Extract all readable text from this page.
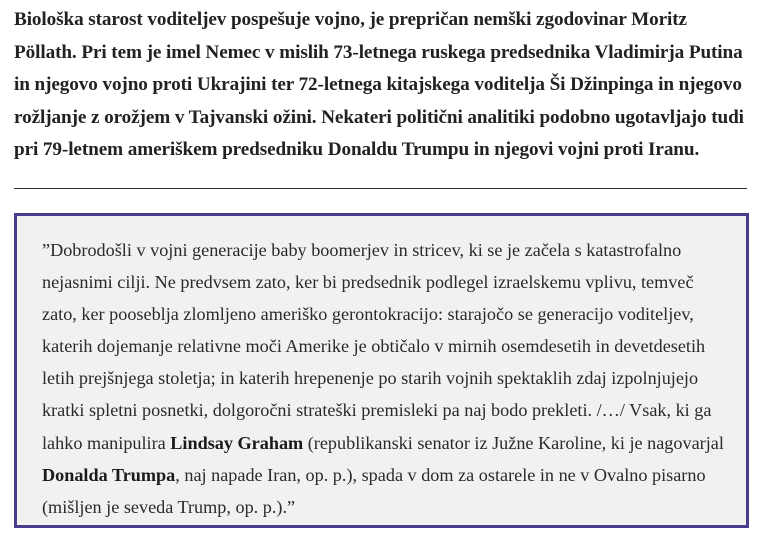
Biološka starost voditeljev pospešuje vojno, je prepričan nemški zgodovinar Moritz Pöllath. Pri tem je imel Nemec v mislih 73-letnega ruskega predsednika Vladimirja Putina in njegovo vojno proti Ukrajini ter 72-letnega kitajskega voditelja Ši Džinpinga in njegovo rožljanje z orožjem v Tajvanski ožini. Nekateri politični analitiki podobno ugotavljajo tudi pri 79-letnem ameriškem predsedniku Donaldu Trumpu in njegovi vojni proti Iranu.

”Dobrodošli v vojni generacije baby boomerjev in stricev, ki se je začela s katastrofalno nejasnimi cilji. Ne predvsem zato, ker bi predsednik podlegel izraelskemu vplivu, temveč zato, ker pooseblja zlomljeno ameriško gerontokracijo: starajočo se generacijo voditeljev, katerih dojemanje relativne moči Amerike je obtičalo v mirnih osemdesetih in devetdesetih letih prejšnjega stoletja; in katerih hrepenenje po starih vojnih spektaklih zdaj izpolnjujejo kratki spletni posnetki, dolgoročni strateški premisleki pa naj bodo prekleti. /…/ Vsak, ki ga lahko manipulira Lindsay Graham (republikanski senator iz Južne Karoline, ki je nagovarjal Donalda Trumpa, naj napade Iran, op. p.), spada v dom za ostarele in ne v Ovalno pisarno (mišljen je seveda Trump, op. p.).”
